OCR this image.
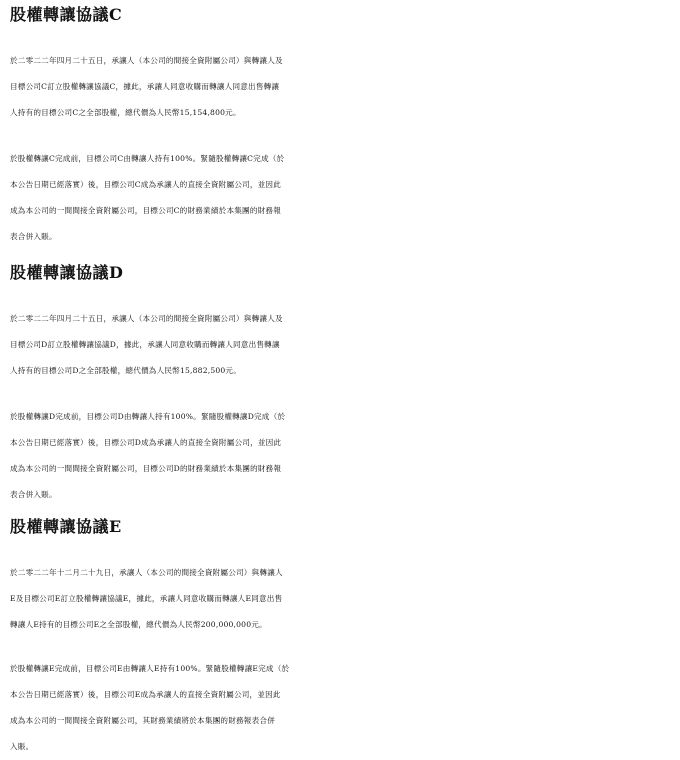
股權轉讓協議C
於二零二二年四月二十五日，承讓人（本公司的間接全資附屬公司）與轉讓人及
目標公司C訂立股權轉讓協議C，據此，承讓人同意收購而轉讓人同意出售轉讓
人持有的目標公司C之全部股權，總代價為人民幣15,154,800元。
於股權轉讓C完成前，目標公司C由轉讓人持有100%。緊隨股權轉讓C完成（於
本公告日期已經落實）後，目標公司C成為承讓人的直接全資附屬公司，並因此
成為本公司的一間間接全資附屬公司，目標公司C的財務業績於本集團的財務報
表合併入賬。
股權轉讓協議D
於二零二二年四月二十五日，承讓人（本公司的間接全資附屬公司）與轉讓人及
目標公司D訂立股權轉讓協議D，據此，承讓人同意收購而轉讓人同意出售轉讓
人持有的目標公司D之全部股權，總代價為人民幣15,882,500元。
於股權轉讓D完成前，目標公司D由轉讓人持有100%。緊隨股權轉讓D完成（於
本公告日期已經落實）後，目標公司D成為承讓人的直接全資附屬公司，並因此
成為本公司的一間間接全資附屬公司，目標公司D的財務業績於本集團的財務報
表合併入賬。
股權轉讓協議E
於二零二二年十二月二十九日，承讓人（本公司的間接全資附屬公司）與轉讓人
E及目標公司E訂立股權轉讓協議E，據此，承讓人同意收購而轉讓人E同意出售
轉讓人E持有的目標公司E之全部股權，總代價為人民幣200,000,000元。
於股權轉讓E完成前，目標公司E由轉讓人E持有100%。緊隨股權轉讓E完成（於
本公告日期已經落實）後，目標公司E成為承讓人的直接全資附屬公司，並因此
成為本公司的一間間接全資附屬公司，其財務業績將於本集團的財務報表合併
入賬。
